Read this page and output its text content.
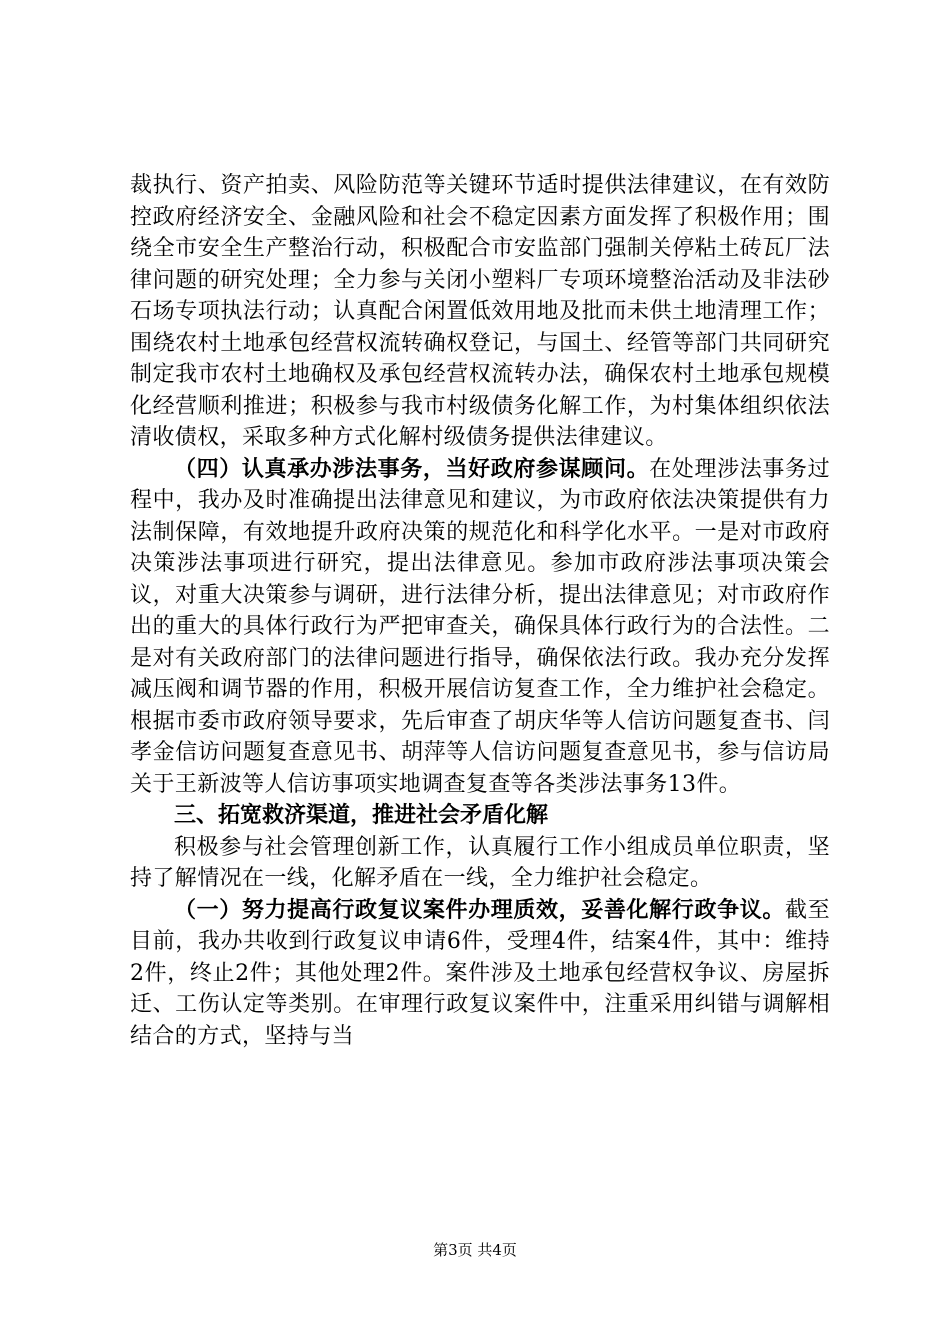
裁执行、资产拍卖、风险防范等关键环节适时提供法律建议，在有效防控政府经济安全、金融风险和社会不稳定因素方面发挥了积极作用；围绕全市安全生产整治行动，积极配合市安监部门强制关停粘土砖瓦厂法律问题的研究处理；全力参与关闭小塑料厂专项环境整治活动及非法砂石场专项执法行动；认真配合闲置低效用地及批而未供土地清理工作；围绕农村土地承包经营权流转确权登记，与国土、经管等部门共同研究制定我市农村土地确权及承包经营权流转办法，确保农村土地承包规模化经营顺利推进；积极参与我市村级债务化解工作，为村集体组织依法清收债权，采取多种方式化解村级债务提供法律建议。

（四）认真承办涉法事务，当好政府参谋顾问。在处理涉法事务过程中，我办及时准确提出法律意见和建议，为市政府依法决策提供有力法制保障，有效地提升政府决策的规范化和科学化水平。一是对市政府决策涉法事项进行研究，提出法律意见。参加市政府涉法事项决策会议，对重大决策参与调研，进行法律分析，提出法律意见；对市政府作出的重大的具体行政行为严把审查关，确保具体行政行为的合法性。二是对有关政府部门的法律问题进行指导，确保依法行政。我办充分发挥减压阀和调节器的作用，积极开展信访复查工作，全力维护社会稳定。根据市委市政府领导要求，先后审查了胡庆华等人信访问题复查书、闫孝金信访问题复查意见书、胡萍等人信访问题复查意见书，参与信访局关于王新波等人信访事项实地调查复查等各类涉法事务13件。

三、拓宽救济渠道，推进社会矛盾化解

积极参与社会管理创新工作，认真履行工作小组成员单位职责，坚持了解情况在一线，化解矛盾在一线，全力维护社会稳定。

（一）努力提高行政复议案件办理质效，妥善化解行政争议。截至目前，我办共收到行政复议申请6件，受理4件，结案4件，其中：维持2件，终止2件；其他处理2件。案件涉及土地承包经营权争议、房屋拆迁、工伤认定等类别。在审理行政复议案件中，注重采用纠错与调解相结合的方式，坚持与当

第3页 共4页
